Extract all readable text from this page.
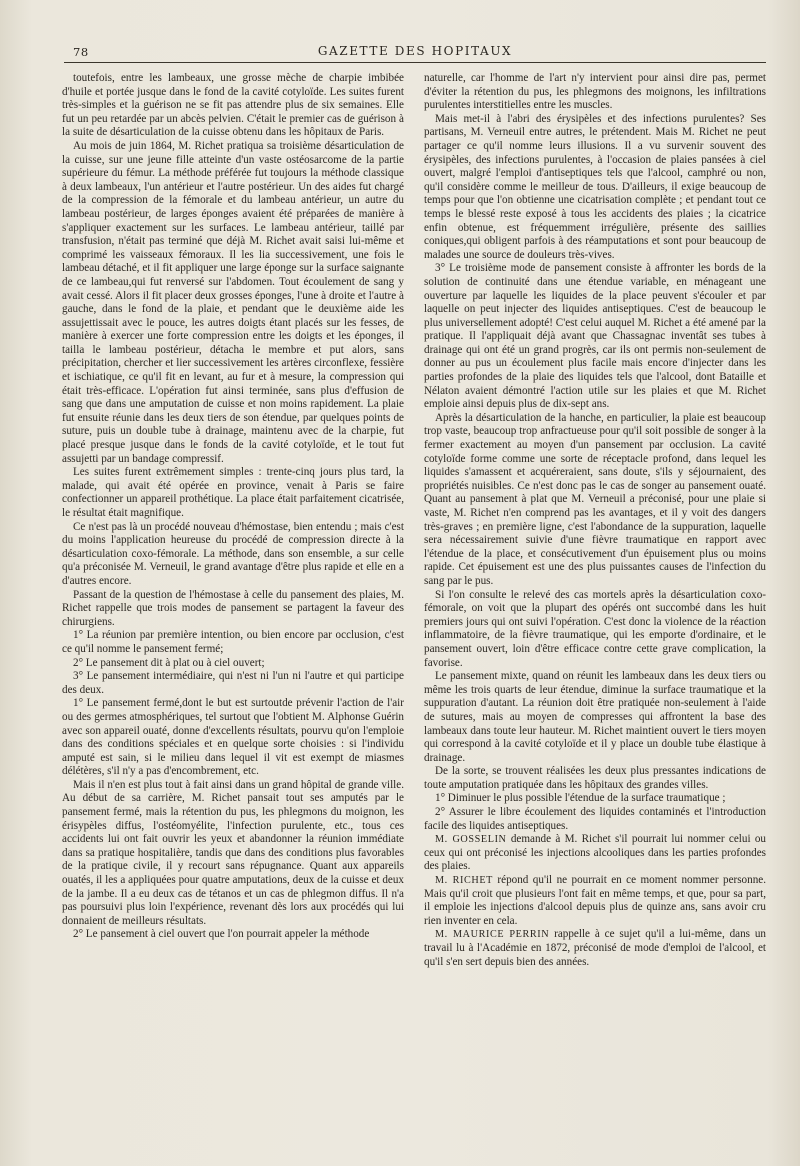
78	GAZETTE DES HOPITAUX

toutefois, entre les lambeaux, une grosse mèche de charpie imbibée d'huile et portée jusque dans le fond de la cavité cotyloïde. Les suites furent très-simples et la guérison ne se fit pas attendre plus de six semaines. Elle fut un peu retardée par un abcès pelvien. C'était le premier cas de guérison à la suite de désarticulation de la cuisse obtenu dans les hôpitaux de Paris.

Au mois de juin 1864, M. Richet pratiqua sa troisième désarticulation de la cuisse, sur une jeune fille atteinte d'un vaste ostéosarcome de la partie supérieure du fémur. La méthode préférée fut toujours la méthode classique à deux lambeaux, l'un antérieur et l'autre postérieur. Un des aides fut chargé de la compression de la fémorale et du lambeau antérieur, un autre du lambeau postérieur, de larges éponges avaient été préparées de manière à s'appliquer exactement sur les surfaces. Le lambeau antérieur, taillé par transfusion, n'était pas terminé que déjà M. Richet avait saisi lui-même et comprimé les vaisseaux fémoraux. Il les lia successivement, une fois le lambeau détaché, et il fit appliquer une large éponge sur la surface saignante de ce lambeau,qui fut renversé sur l'abdomen. Tout écoulement de sang y avait cessé. Alors il fit placer deux grosses éponges, l'une à droite et l'autre à gauche, dans le fond de la plaie, et pendant que le deuxième aide les assujettissait avec le pouce, les autres doigts étant placés sur les fesses, de manière à exercer une forte compression entre les doigts et les éponges, il tailla le lambeau postérieur, détacha le membre et put alors, sans précipitation, chercher et lier successivement les artères circonflexe, fessière et ischiatique, ce qu'il fit en levant, au fur et à mesure, la compression qui était très-efficace. L'opération fut ainsi terminée, sans plus d'effusion de sang que dans une amputation de cuisse et non moins rapidement. La plaie fut ensuite réunie dans les deux tiers de son étendue, par quelques points de suture, puis un double tube à drainage, maintenu avec de la charpie, fut placé presque jusque dans le fonds de la cavité cotyloïde, et le tout fut assujetti par un bandage compressif.

Les suites furent extrêmement simples : trente-cinq jours plus tard, la malade, qui avait été opérée en province, venait à Paris se faire confectionner un appareil prothétique. La place était parfaitement cicatrisée, le résultat était magnifique.

Ce n'est pas là un procédé nouveau d'hémostase, bien entendu ; mais c'est du moins l'application heureuse du procédé de compression directe à la désarticulation coxo-fémorale. La méthode, dans son ensemble, a sur celle qu'a préconisée M. Verneuil, le grand avantage d'être plus rapide et elle en a d'autres encore.

Passant de la question de l'hémostase à celle du pansement des plaies, M. Richet rappelle que trois modes de pansement se partagent la faveur des chirurgiens.

1° La réunion par première intention, ou bien encore par occlusion, c'est ce qu'il nomme le pansement fermé;

2° Le pansement dit à plat ou à ciel ouvert;

3° Le pansement intermédiaire, qui n'est ni l'un ni l'autre et qui participe des deux.

1° Le pansement fermé,dont le but est surtoutde prévenir l'action de l'air ou des germes atmosphériques, tel surtout que l'obtient M. Alphonse Guérin avec son appareil ouaté, donne d'excellents résultats, pourvu qu'on l'emploie dans des conditions spéciales et en quelque sorte choisies : si l'individu amputé est sain, si le milieu dans lequel il vit est exempt de miasmes délétères, s'il n'y a pas d'encombrement, etc.

Mais il n'en est plus tout à fait ainsi dans un grand hôpital de grande ville. Au début de sa carrière, M. Richet pansait tout ses amputés par le pansement fermé, mais la rétention du pus, les phlegmons du moignon, les érisypèles diffus, l'ostéomyélite, l'infection purulente, etc., tous ces accidents lui ont fait ouvrir les yeux et abandonner la réunion immédiate dans sa pratique hospitalière, tandis que dans des conditions plus favorables de la pratique civile, il y recourt sans répugnance. Quant aux appareils ouatés, il les a appliquées pour quatre amputations, deux de la cuisse et deux de la jambe. Il a eu deux cas de tétanos et un cas de phlegmon diffus. Il n'a pas poursuivi plus loin l'expérience, revenant dès lors aux procédés qui lui donnaient de meilleurs résultats.

2° Le pansement à ciel ouvert que l'on pourrait appeler la méthode

naturelle, car l'homme de l'art n'y intervient pour ainsi dire pas, permet d'éviter la rétention du pus, les phlegmons des moignons, les infiltrations purulentes interstitielles entre les muscles.

Mais met-il à l'abri des érysipèles et des infections purulentes? Ses partisans, M. Verneuil entre autres, le prétendent. Mais M. Richet ne peut partager ce qu'il nomme leurs illusions. Il a vu survenir souvent des érysipèles, des infections purulentes, à l'occasion de plaies pansées à ciel ouvert, malgré l'emploi d'antiseptiques tels que l'alcool, camphré ou non, qu'il considère comme le meilleur de tous. D'ailleurs, il exige beaucoup de temps pour que l'on obtienne une cicatrisation complète ; et pendant tout ce temps le blessé reste exposé à tous les accidents des plaies ; la cicatrice enfin obtenue, est fréquemment irrégulière, présente des saillies coniques,qui obligent parfois à des réamputations et sont pour beaucoup de malades une source de douleurs très-vives.

3° Le troisième mode de pansement consiste à affronter les bords de la solution de continuité dans une étendue variable, en ménageant une ouverture par laquelle les liquides de la place peuvent s'écouler et par laquelle on peut injecter des liquides antiseptiques. C'est de beaucoup le plus universellement adopté! C'est celui auquel M. Richet a été amené par la pratique. Il l'appliquait déjà avant que Chassagnac inventât ses tubes à drainage qui ont été un grand progrès, car ils ont permis non-seulement de donner au pus un écoulement plus facile mais encore d'injecter dans les parties profondes de la plaie des liquides tels que l'alcool, dont Bataille et Nélaton avaient démontré l'action utile sur les plaies et que M. Richet emploie ainsi depuis plus de dix-sept ans.

Après la désarticulation de la hanche, en particulier, la plaie est beaucoup trop vaste, beaucoup trop anfractueuse pour qu'il soit possible de songer à la fermer exactement au moyen d'un pansement par occlusion. La cavité cotyloïde forme comme une sorte de réceptacle profond, dans lequel les liquides s'amassent et acquéreraient, sans doute, s'ils y séjournaient, des propriétés nuisibles. Ce n'est donc pas le cas de songer au pansement ouaté. Quant au pansement à plat que M. Verneuil a préconisé, pour une plaie si vaste, M. Richet n'en comprend pas les avantages, et il y voit des dangers très-graves ; en première ligne, c'est l'abondance de la suppuration, laquelle sera nécessairement suivie d'une fièvre traumatique en rapport avec l'étendue de la place, et consécutivement d'un épuisement plus ou moins rapide. Cet épuisement est une des plus puissantes causes de l'infection du sang par le pus.

Si l'on consulte le relevé des cas mortels après la désarticulation coxo-fémorale, on voit que la plupart des opérés ont succombé dans les huit premiers jours qui ont suivi l'opération. C'est donc la violence de la réaction inflammatoire, de la fièvre traumatique, qui les emporte d'ordinaire, et le pansement ouvert, loin d'être efficace contre cette grave complication, la favorise.

Le pansement mixte, quand on réunit les lambeaux dans les deux tiers ou même les trois quarts de leur étendue, diminue la surface traumatique et la suppuration d'autant. La réunion doit être pratiquée non-seulement à l'aide de sutures, mais au moyen de compresses qui affrontent la base des lambeaux dans toute leur hauteur. M. Richet maintient ouvert le tiers moyen qui correspond à la cavité cotyloïde et il y place un double tube élastique à drainage.

De la sorte, se trouvent réalisées les deux plus pressantes indications de toute amputation pratiquée dans les hôpitaux des grandes villes.

1° Diminuer le plus possible l'étendue de la surface traumatique ;

2° Assurer le libre écoulement des liquides contaminés et l'introduction facile des liquides antiseptiques.

M. GOSSELIN demande à M. Richet s'il pourrait lui nommer celui ou ceux qui ont préconisé les injections alcooliques dans les parties profondes des plaies.

M. RICHET répond qu'il ne pourrait en ce moment nommer personne. Mais qu'il croit que plusieurs l'ont fait en même temps, et que, pour sa part, il emploie les injections d'alcool depuis plus de quinze ans, sans avoir cru rien inventer en cela.

M. MAURICE PERRIN rappelle à ce sujet qu'il a lui-même, dans un travail lu à l'Académie en 1872, préconisé de mode d'emploi de l'alcool, et qu'il s'en sert depuis bien des années.
